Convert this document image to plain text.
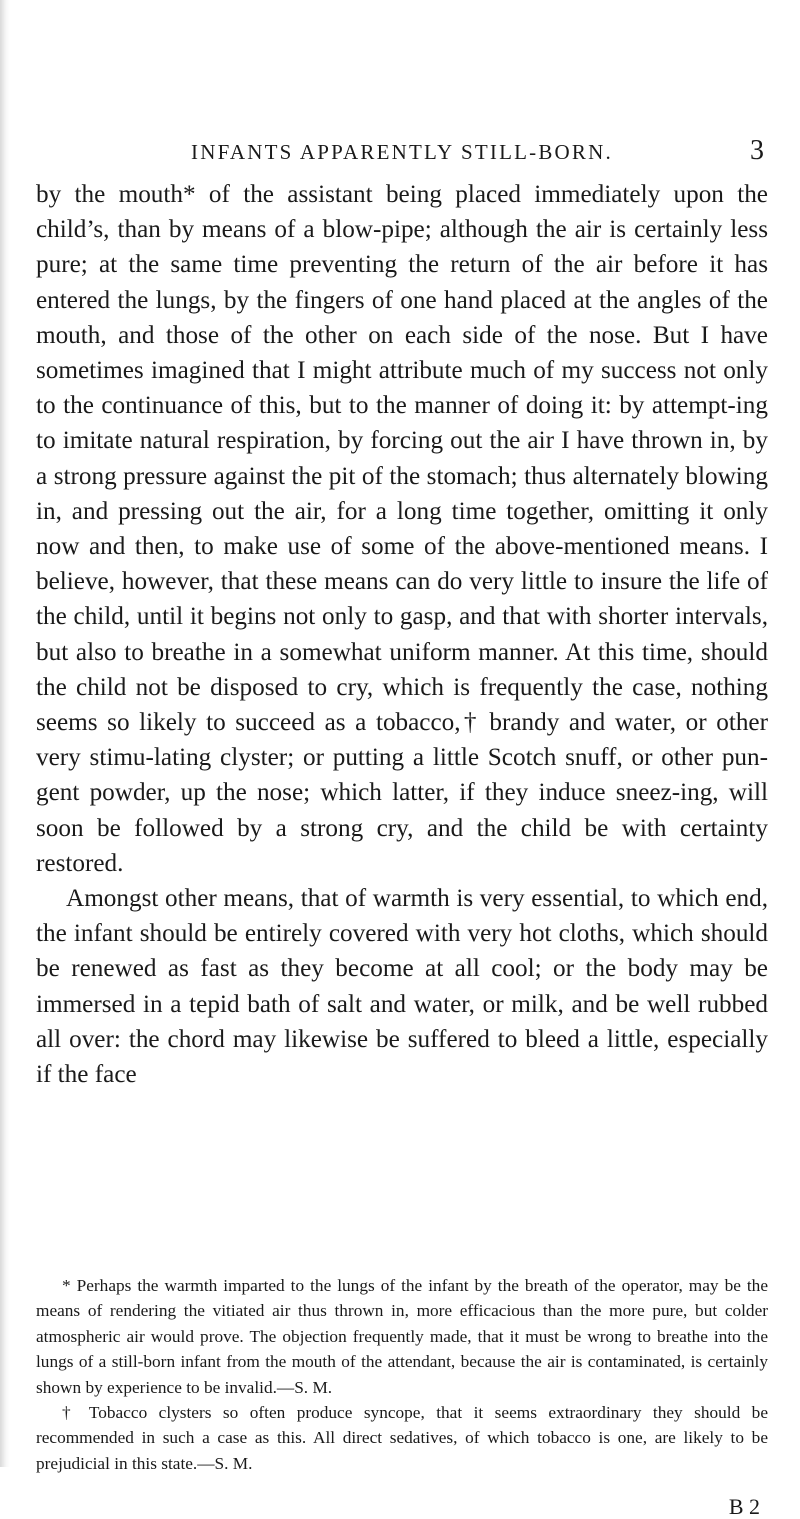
INFANTS APPARENTLY STILL-BORN.	3

by the mouth* of the assistant being placed immediately upon the child’s, than by means of a blow-pipe; although the air is certainly less pure; at the same time preventing the return of the air before it has entered the lungs, by the fingers of one hand placed at the angles of the mouth, and those of the other on each side of the nose. But I have sometimes imagined that I might attribute much of my success not only to the continuance of this, but to the manner of doing it: by attempt-ing to imitate natural respiration, by forcing out the air I have thrown in, by a strong pressure against the pit of the stomach; thus alternately blowing in, and pressing out the air, for a long time together, omitting it only now and then, to make use of some of the above-mentioned means. I believe, however, that these means can do very little to insure the life of the child, until it begins not only to gasp, and that with shorter intervals, but also to breathe in a somewhat uniform manner. At this time, should the child not be disposed to cry, which is frequently the case, nothing seems so likely to succeed as a tobacco,† brandy and water, or other very stimu-lating clyster; or putting a little Scotch snuff, or other pun-gent powder, up the nose; which latter, if they induce sneez-ing, will soon be followed by a strong cry, and the child be with certainty restored.

Amongst other means, that of warmth is very essential, to which end, the infant should be entirely covered with very hot cloths, which should be renewed as fast as they become at all cool; or the body may be immersed in a tepid bath of salt and water, or milk, and be well rubbed all over: the chord may likewise be suffered to bleed a little, especially if the face

* Perhaps the warmth imparted to the lungs of the infant by the breath of the operator, may be the means of rendering the vitiated air thus thrown in, more efficacious than the more pure, but colder atmospheric air would prove. The objection frequently made, that it must be wrong to breathe into the lungs of a still-born infant from the mouth of the attendant, because the air is contaminated, is certainly shown by experience to be invalid.—S. M.

† Tobacco clysters so often produce syncope, that it seems extraordinary they should be recommended in such a case as this. All direct sedatives, of which tobacco is one, are likely to be prejudicial in this state.—S. M.

B 2
